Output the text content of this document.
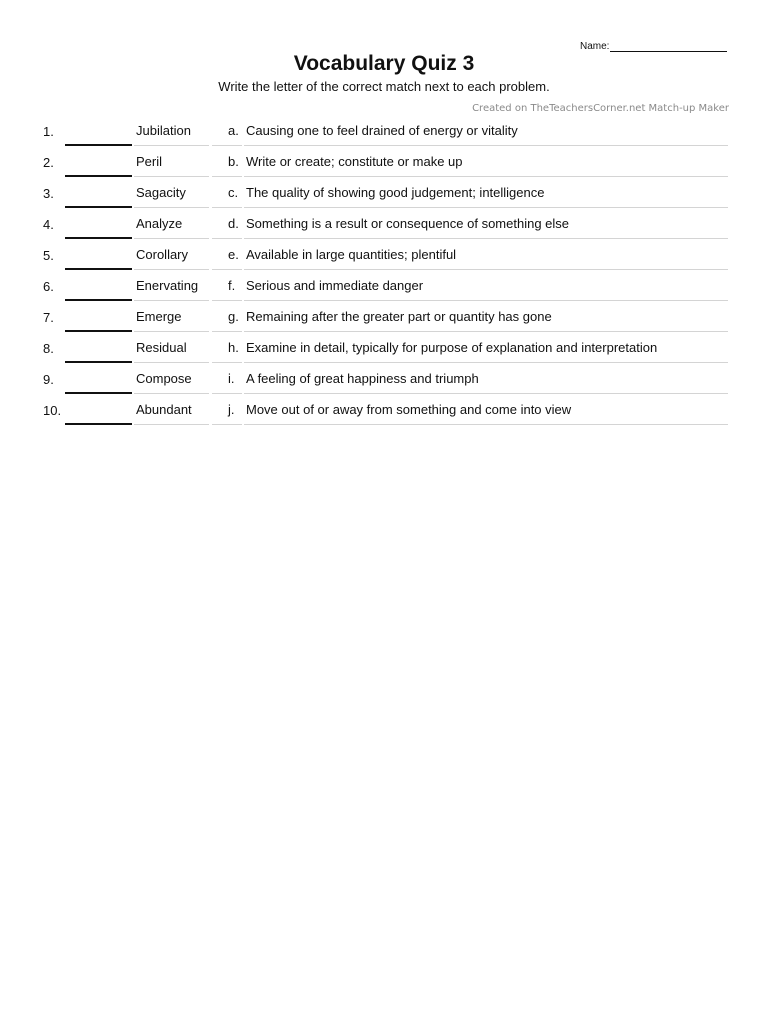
Name:
Vocabulary Quiz 3
Write the letter of the correct match next to each problem.
Created on TheTeachersCorner.net Match-up Maker
1.	Jubilation	a. Causing one to feel drained of energy or vitality
2.	Peril	b. Write or create; constitute or make up
3.	Sagacity	c. The quality of showing good judgement; intelligence
4.	Analyze	d. Something is a result or consequence of something else
5.	Corollary	e. Available in large quantities; plentiful
6.	Enervating f. Serious and immediate danger
7.	Emerge	g. Remaining after the greater part or quantity has gone
8.	Residual	h. Examine in detail, typically for purpose of explanation and interpretation
9.	Compose	i. A feeling of great happiness and triumph
10.	Abundant	j. Move out of or away from something and come into view
